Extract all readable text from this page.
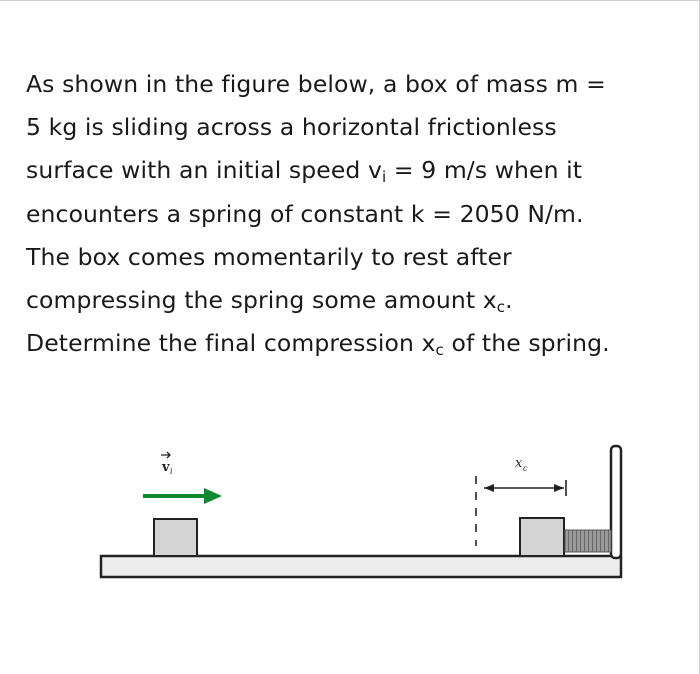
As shown in the figure below, a box of mass m =
5 kg is sliding across a horizontal frictionless
surface with an initial speed $v_i = 9$ m/s when it
encounters a spring of constant k = 2050 N/m.
The box comes momentarily to rest after
compressing the spring some amount $x_c$.
Determine the final compression $x_c$ of the spring.
v i
x c
